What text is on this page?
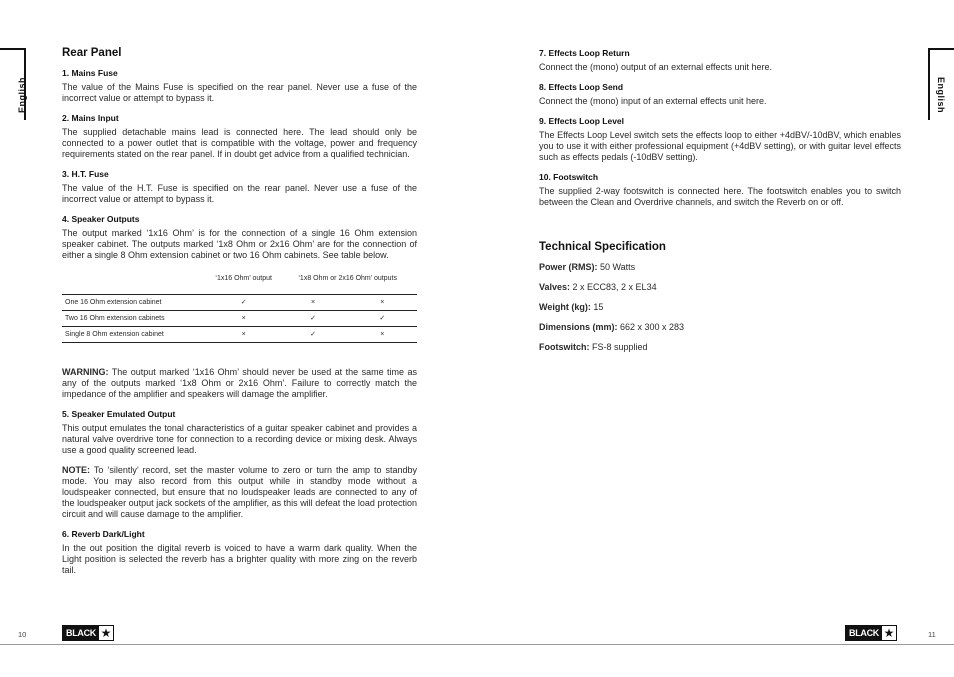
English
Rear Panel
1. Mains Fuse

The value of the Mains Fuse is specified on the rear panel. Never use a fuse of the incorrect value or attempt to bypass it.

2. Mains Input

The supplied detachable mains lead is connected here. The lead should only be connected to a power outlet that is compatible with the voltage, power and frequency requirements stated on the rear panel. If in doubt get advice from a qualified technician.

3. H.T. Fuse

The value of the H.T. Fuse is specified on the rear panel. Never use a fuse of the incorrect value or attempt to bypass it.

4. Speaker Outputs

The output marked ‘1x16 Ohm’ is for the connection of a single 16 Ohm extension speaker cabinet. The outputs marked ‘1x8 Ohm or 2x16 Ohm’ are for the connection of either a single 8 Ohm extension cabinet or two 16 Ohm cabinets. See table below.

	‘1x16 Ohm’ output	‘1x8 Ohm or 2x16 Ohm’ outputs	
One 16 Ohm extension cabinet	✓	×	×
Two 16 Ohm extension cabinets	×	✓	✓
Single 8 Ohm extension cabinet	×	✓	×

WARNING: The output marked ‘1x16 Ohm’ should never be used at the same time as any of the outputs marked ‘1x8 Ohm or 2x16 Ohm’. Failure to correctly match the impedance of the amplifier and speakers will damage the amplifier.

5. Speaker Emulated Output

This output emulates the tonal characteristics of a guitar speaker cabinet and provides a natural valve overdrive tone for connection to a recording device or mixing desk. Always use a good quality screened lead.

NOTE: To ‘silently’ record, set the master volume to zero or turn the amp to standby mode. You may also record from this output while in standby mode without a loudspeaker connected, but ensure that no loudspeaker leads are connected to any of the loudspeaker output jack sockets of the amplifier, as this will defeat the load protection circuit and will cause damage to the amplifier.

6. Reverb Dark/Light

In the out position the digital reverb is voiced to have a warm dark quality. When the Light position is selected the reverb has a brighter quality with more zing on the reverb tail.

10	BLACK ★
English
7. Effects Loop Return

Connect the (mono) output of an external effects unit here.

8. Effects Loop Send

Connect the (mono) input of an external effects unit here.

9. Effects Loop Level

The Effects Loop Level switch sets the effects loop to either +4dBV/-10dBV, which enables you to use it with either professional equipment (+4dBV setting), or with guitar level effects such as effects pedals (-10dBV setting).

10. Footswitch

The supplied 2-way footswitch is connected here. The footswitch enables you to switch between the Clean and Overdrive channels, and switch the Reverb on or off.

Technical Specification
Power (RMS): 50 Watts
Valves: 2 x ECC83, 2 x EL34
Weight (kg): 15
Dimensions (mm): 662 x 300 x 283
Footswitch: FS-8 supplied
BLACK ★	11
